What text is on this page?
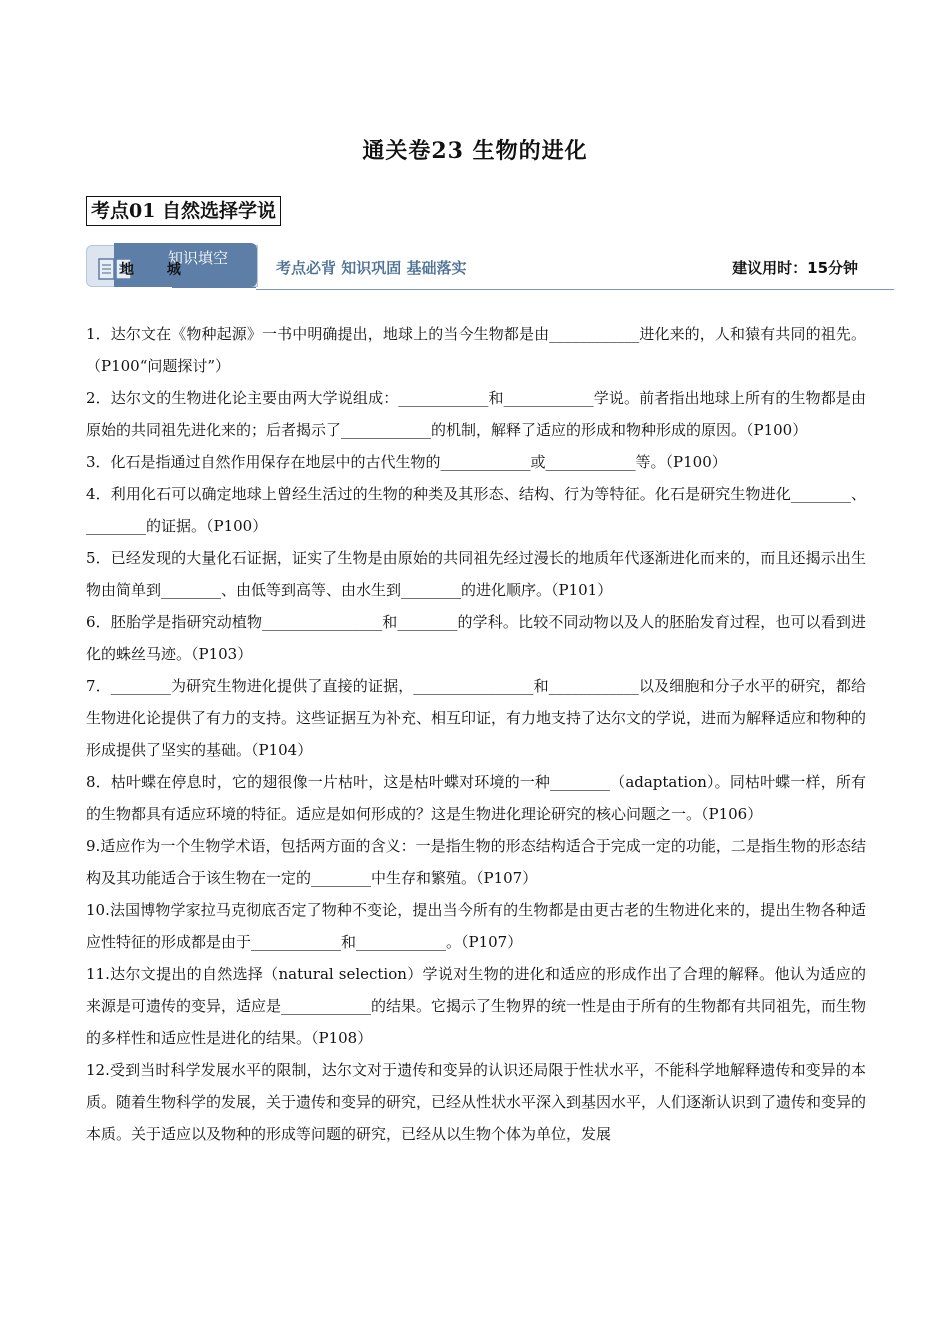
通关卷23 生物的进化
考点01 自然选择学说
知识填空
地 城	考点必背 知识巩固 基础落实	建议用时：15分钟

1．达尔文在《物种起源》一书中明确提出，地球上的当今生物都是由____________进化来的，人和猿有共同的祖先。（P100“问题探讨”）

2．达尔文的生物进化论主要由两大学说组成：____________和____________学说。前者指出地球上所有的生物都是由原始的共同祖先进化来的；后者揭示了____________的机制，解释了适应的形成和物种形成的原因。（P100）

3．化石是指通过自然作用保存在地层中的古代生物的____________或____________等。（P100）

4．利用化石可以确定地球上曾经生活过的生物的种类及其形态、结构、行为等特征。化石是研究生物进化________、________的证据。（P100）

5．已经发现的大量化石证据，证实了生物是由原始的共同祖先经过漫长的地质年代逐渐进化而来的，而且还揭示出生物由简单到________、由低等到高等、由水生到________的进化顺序。（P101）

6．胚胎学是指研究动植物________________和________的学科。比较不同动物以及人的胚胎发育过程，也可以看到进化的蛛丝马迹。（P103）

7．________为研究生物进化提供了直接的证据，________________和____________以及细胞和分子水平的研究，都给生物进化论提供了有力的支持。这些证据互为补充、相互印证，有力地支持了达尔文的学说，进而为解释适应和物种的形成提供了坚实的基础。（P104）

8．枯叶蝶在停息时，它的翅很像一片枯叶，这是枯叶蝶对环境的一种________（adaptation）。同枯叶蝶一样，所有的生物都具有适应环境的特征。适应是如何形成的？这是生物进化理论研究的核心问题之一。（P106）

9.适应作为一个生物学术语，包括两方面的含义：一是指生物的形态结构适合于完成一定的功能，二是指生物的形态结构及其功能适合于该生物在一定的________中生存和繁殖。（P107）

10.法国博物学家拉马克彻底否定了物种不变论，提出当今所有的生物都是由更古老的生物进化来的，提出生物各种适应性特征的形成都是由于____________和____________。（P107）

11.达尔文提出的自然选择（natural selection）学说对生物的进化和适应的形成作出了合理的解释。他认为适应的来源是可遗传的变异，适应是____________的结果。它揭示了生物界的统一性是由于所有的生物都有共同祖先，而生物的多样性和适应性是进化的结果。（P108）

12.受到当时科学发展水平的限制，达尔文对于遗传和变异的认识还局限于性状水平，不能科学地解释遗传和变异的本质。随着生物科学的发展，关于遗传和变异的研究，已经从性状水平深入到基因水平，人们逐渐认识到了遗传和变异的本质。关于适应以及物种的形成等问题的研究，已经从以生物个体为单位，发展
